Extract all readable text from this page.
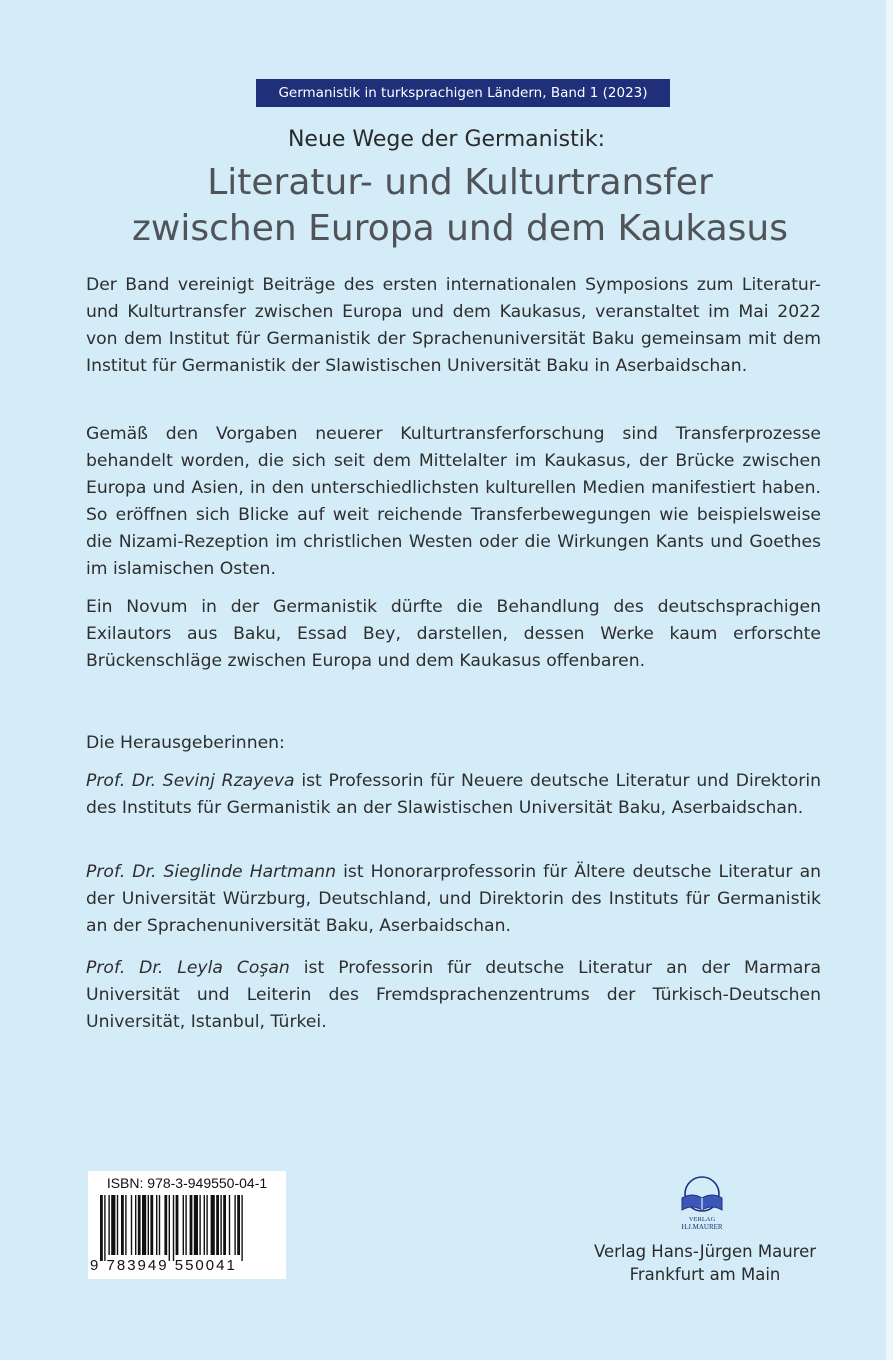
Germanistik in turksprachigen Ländern, Band 1 (2023)
Neue Wege der Germanistik:
Literatur- und Kulturtransfer
zwischen Europa und dem Kaukasus
Der Band vereinigt Beiträge des ersten internationalen Symposions zum Literatur- und Kulturtransfer zwischen Europa und dem Kaukasus, veranstaltet im Mai 2022 von dem Institut für Germanistik der Sprachenuniversität Baku gemeinsam mit dem Institut für Germanistik der Slawistischen Universität Baku in Aserbaidschan.
Gemäß den Vorgaben neuerer Kulturtransferforschung sind Transferprozesse behandelt worden, die sich seit dem Mittelalter im Kaukasus, der Brücke zwischen Europa und Asien, in den unterschiedlichsten kulturellen Medien manifestiert haben. So eröffnen sich Blicke auf weit reichende Transferbewegungen wie beispielsweise die Nizami-Rezeption im christlichen Westen oder die Wirkungen Kants und Goethes im islamischen Osten.
Ein Novum in der Germanistik dürfte die Behandlung des deutschsprachigen Exilautors aus Baku, Essad Bey, darstellen, dessen Werke kaum erforschte Brückenschläge zwischen Europa und dem Kaukasus offenbaren.
Die Herausgeberinnen:
Prof. Dr. Sevinj Rzayeva ist Professorin für Neuere deutsche Literatur und Direktorin des Instituts für Germanistik an der Slawistischen Universität Baku, Aserbaidschan.
Prof. Dr. Sieglinde Hartmann ist Honorarprofessorin für Ältere deutsche Literatur an der Universität Würzburg, Deutschland, und Direktorin des Instituts für Germanistik an der Sprachenuniversität Baku, Aserbaidschan.
Prof. Dr. Leyla Coşan ist Professorin für deutsche Literatur an der Marmara Universität und Leiterin des Fremdsprachenzentrums der Türkisch-Deutschen Universität, Istanbul, Türkei.
ISBN: 978-3-949550-04-1
9 783949 550041
VERLAG
H.J.MAURER
Verlag Hans-Jürgen Maurer
Frankfurt am Main
